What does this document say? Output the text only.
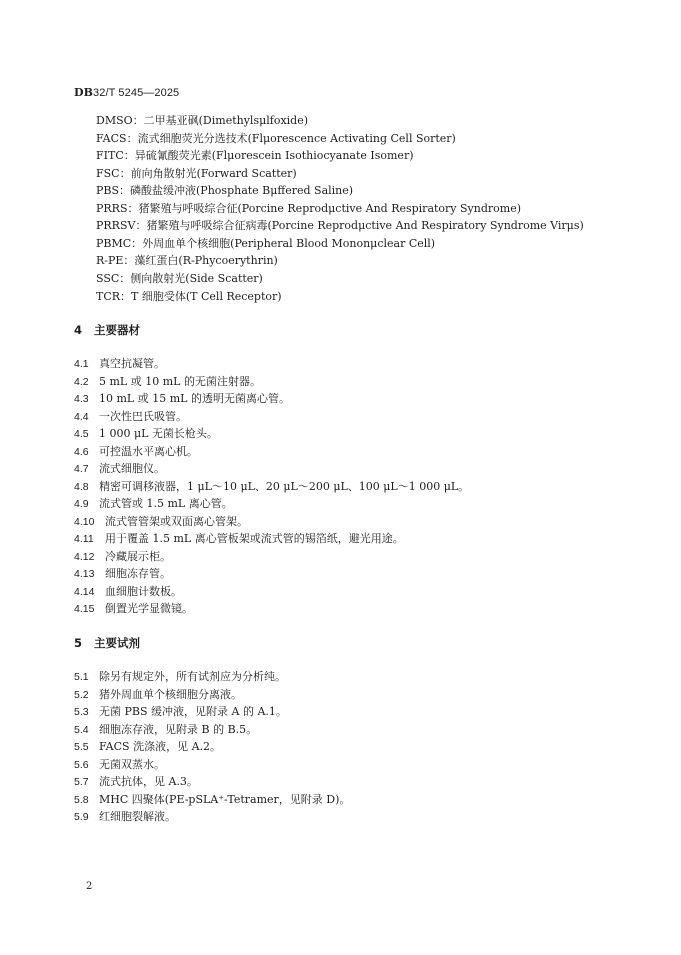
DB32/T 5245—2025
DMSO：二甲基亚砜(Dimethylsμlfoxide)
FACS：流式细胞荧光分选技术(Flμorescence Activating Cell Sorter)
FITC：异硫氰酸荧光素(Flμorescein Isothiocyanate Isomer)
FSC：前向角散射光(Forward Scatter)
PBS：磷酸盐缓冲液(Phosphate Bμffered Saline)
PRRS：猪繁殖与呼吸综合征(Porcine Reprodμctive And Respiratory Syndrome)
PRRSV：猪繁殖与呼吸综合征病毒(Porcine Reprodμctive And Respiratory Syndrome Virμs)
PBMC：外周血单个核细胞(Peripheral Blood Mononμclear Cell)
R-PE：藻红蛋白(R-Phycoerythrin)
SSC：侧向散射光(Side Scatter)
TCR：T 细胞受体(T Cell Receptor)
4 主要器材
4.1 真空抗凝管。
4.2 5 mL 或 10 mL 的无菌注射器。
4.3 10 mL 或 15 mL 的透明无菌离心管。
4.4 一次性巴氏吸管。
4.5 1 000 μL 无菌长枪头。
4.6 可控温水平离心机。
4.7 流式细胞仪。
4.8 精密可调移液器，1 μL～10 μL、20 μL～200 μL、100 μL～1 000 μL。
4.9 流式管或 1.5 mL 离心管。
4.10 流式管管架或双面离心管架。
4.11 用于覆盖 1.5 mL 离心管板架或流式管的锡箔纸，避光用途。
4.12 冷藏展示柜。
4.13 细胞冻存管。
4.14 血细胞计数板。
4.15 倒置光学显微镜。
5 主要试剂
5.1 除另有规定外，所有试剂应为分析纯。
5.2 猪外周血单个核细胞分离液。
5.3 无菌 PBS 缓冲液，见附录 A 的 A.1。
5.4 细胞冻存液，见附录 B 的 B.5。
5.5 FACS 洗涤液，见 A.2。
5.6 无菌双蒸水。
5.7 流式抗体，见 A.3。
5.8 MHC 四聚体(PE-pSLA⁺-Tetramer，见附录 D)。
5.9 红细胞裂解液。
2
